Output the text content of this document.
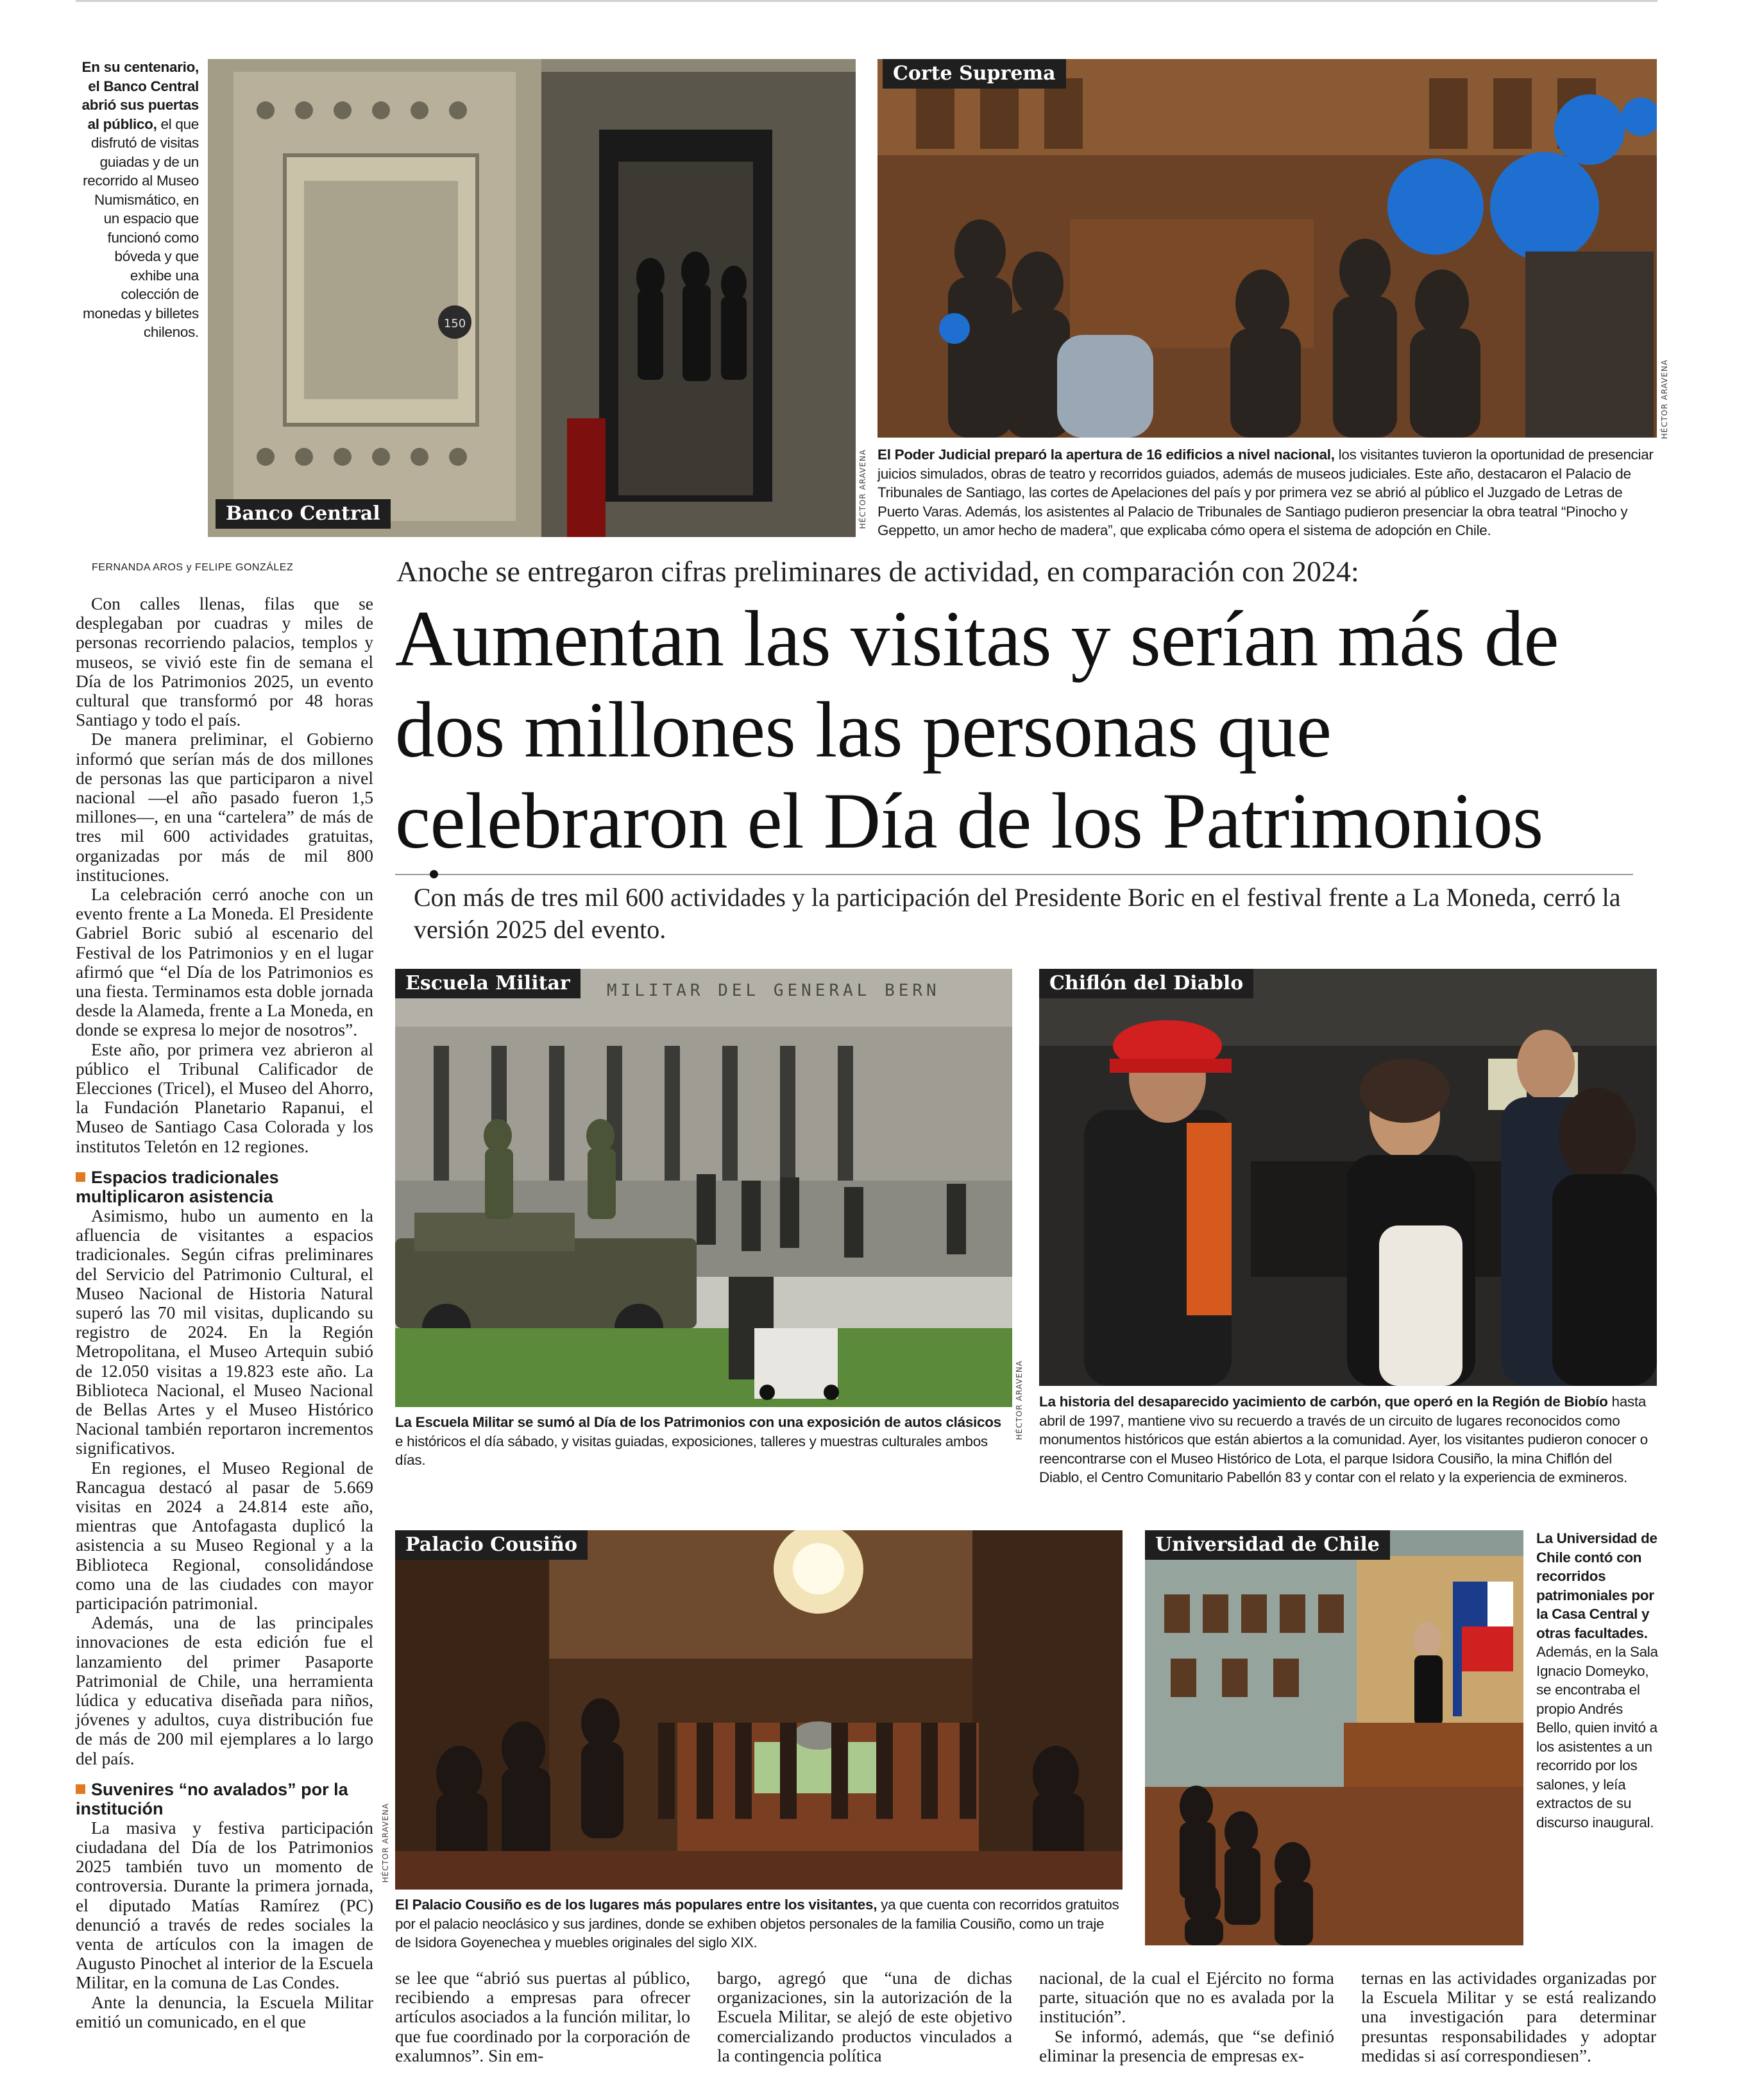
En su centenario, el Banco Central abrió sus puertas al público, el que disfrutó de visitas guiadas y de un recorrido al Museo Numismático, en un espacio que funcionó como bóveda y que exhibe una colección de monedas y billetes chilenos.
150
Banco Central	HÉCTOR ARAVENA
Corte Suprema
HÉCTOR ARAVENA
El Poder Judicial preparó la apertura de 16 edificios a nivel nacional, los visitantes tuvieron la oportunidad de presenciar juicios simulados, obras de teatro y recorridos guiados, además de museos judiciales. Este año, destacaron el Palacio de Tribunales de Santiago, las cortes de Apelaciones del país y por primera vez se abrió al público el Juzgado de Letras de Puerto Varas. Además, los asistentes al Palacio de Tribunales de Santiago pudieron presenciar la obra teatral “Pinocho y Geppetto, un amor hecho de madera”, que explicaba cómo opera el sistema de adopción en Chile.
FERNANDA AROS y FELIPE GONZÁLEZ	Anoche se entregaron cifras preliminares de actividad, en comparación con 2024:
Aumentan las visitas y serían más de dos millones las personas que celebraron el Día de los Patrimonios
Con más de tres mil 600 actividades y la participación del Presidente Boric en el festival frente a La Moneda, cerró la versión 2025 del evento.

Con calles llenas, filas que se desplegaban por cuadras y miles de personas recorriendo palacios, templos y museos, se vivió este fin de semana el Día de los Patrimonios 2025, un evento cultural que transformó por 48 horas Santiago y todo el país.

De manera preliminar, el Gobierno informó que serían más de dos millones de personas las que participaron a nivel nacional —el año pasado fueron 1,5 millones—, en una “cartelera” de más de tres mil 600 actividades gratuitas, organizadas por más de mil 800 instituciones.

La celebración cerró anoche con un evento frente a La Moneda. El Presidente Gabriel Boric subió al escenario del Festival de los Patrimonios y en el lugar afirmó que “el Día de los Patrimonios es una fiesta. Terminamos esta doble jornada desde la Alameda, frente a La Moneda, en donde se expresa lo mejor de nosotros”.

Este año, por primera vez abrieron al público el Tribunal Calificador de Elecciones (Tricel), el Museo del Ahorro, la Fundación Planetario Rapanui, el Museo de Santiago Casa Colorada y los institutos Teletón en 12 regiones.

Espacios tradicionales multiplicaron asistencia

Asimismo, hubo un aumento en la afluencia de visitantes a espacios tradicionales. Según cifras preliminares del Servicio del Patrimonio Cultural, el Museo Nacional de Historia Natural superó las 70 mil visitas, duplicando su registro de 2024. En la Región Metropolitana, el Museo Artequin subió de 12.050 visitas a 19.823 este año. La Biblioteca Nacional, el Museo Nacional de Bellas Artes y el Museo Histórico Nacional también reportaron incrementos significativos.

En regiones, el Museo Regional de Rancagua destacó al pasar de 5.669 visitas en 2024 a 24.814 este año, mientras que Antofagasta duplicó la asistencia a su Museo Regional y a la Biblioteca Regional, consolidándose como una de las ciudades con mayor participación patrimonial.

Además, una de las principales innovaciones de esta edición fue el lanzamiento del primer Pasaporte Patrimonial de Chile, una herramienta lúdica y educativa diseñada para niños, jóvenes y adultos, cuya distribución fue de más de 200 mil ejemplares a lo largo del país.

Suvenires “no avalados” por la institución

La masiva y festiva participación ciudadana del Día de los Patrimonios 2025 también tuvo un momento de controversia. Durante la primera jornada, el diputado Matías Ramírez (PC) denunció a través de redes sociales la venta de artículos con la imagen de Augusto Pinochet al interior de la Escuela Militar, en la comuna de Las Condes.

Ante la denuncia, la Escuela Militar emitió un comunicado, en el que

MILITAR DEL GENERAL BERN
Escuela Militar
HÉCTOR ARAVENA
La Escuela Militar se sumó al Día de los Patrimonios con una exposición de autos clásicos e históricos el día sábado, y visitas guiadas, exposiciones, talleres y muestras culturales ambos días.
Chiflón del Diablo
La historia del desaparecido yacimiento de carbón, que operó en la Región de Biobío hasta abril de 1997, mantiene vivo su recuerdo a través de un circuito de lugares reconocidos como monumentos históricos que están abiertos a la comunidad. Ayer, los visitantes pudieron conocer o reencontrarse con el Museo Histórico de Lota, el parque Isidora Cousiño, la mina Chiflón del Diablo, el Centro Comunitario Pabellón 83 y contar con el relato y la experiencia de exmineros.
Palacio Cousiño
HÉCTOR ARAVENA
El Palacio Cousiño es de los lugares más populares entre los visitantes, ya que cuenta con recorridos gratuitos por el palacio neoclásico y sus jardines, donde se exhiben objetos personales de la familia Cousiño, como un traje de Isidora Goyenechea y muebles originales del siglo XIX.
Universidad de Chile	La Universidad de Chile contó con recorridos patrimoniales por la Casa Central y otras facultades. Además, en la Sala Ignacio Domeyko, se encontraba el propio Andrés Bello, quien invitó a los asistentes a un recorrido por los salones, y leía extractos de su discurso inaugural.

se lee que “abrió sus puertas al público, recibiendo a empresas para ofrecer artículos asociados a la función militar, lo que fue coordinado por la corporación de exalumnos”. Sin em-

bargo, agregó que “una de dichas organizaciones, sin la autorización de la Escuela Militar, se alejó de este objetivo comercializando productos vinculados a la contingencia política

nacional, de la cual el Ejército no forma parte, situación que no es avalada por la institución”.

Se informó, además, que “se definió eliminar la presencia de empresas ex-

ternas en las actividades organizadas por la Escuela Militar y se está realizando una investigación para determinar presuntas responsabilidades y adoptar medidas si así correspondiesen”.
